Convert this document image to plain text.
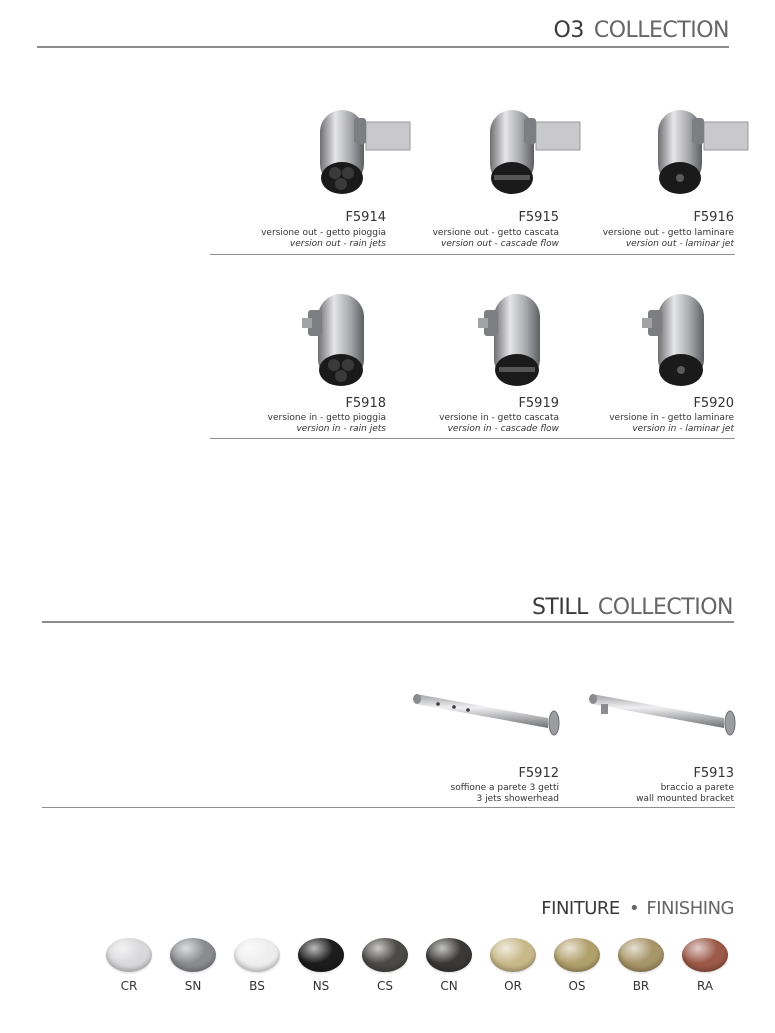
O3 COLLECTION
F5914
versione out - getto pioggia
version out - rain jets
F5915
versione out - getto cascata
version out - cascade flow
F5916
versione out - getto laminare
version out - laminar jet
F5918
versione in - getto pioggia
version in - rain jets
F5919
versione in - getto cascata
version in - cascade flow
F5920
versione in - getto laminare
version in - laminar jet
STILL COLLECTION
F5912
soffione a parete 3 getti
3 jets showerhead
F5913
braccio a parete
wall mounted bracket
FINITURE • FINISHING
CR	SN	BS	NS	CS	CN	OR	OS	BR	RA
